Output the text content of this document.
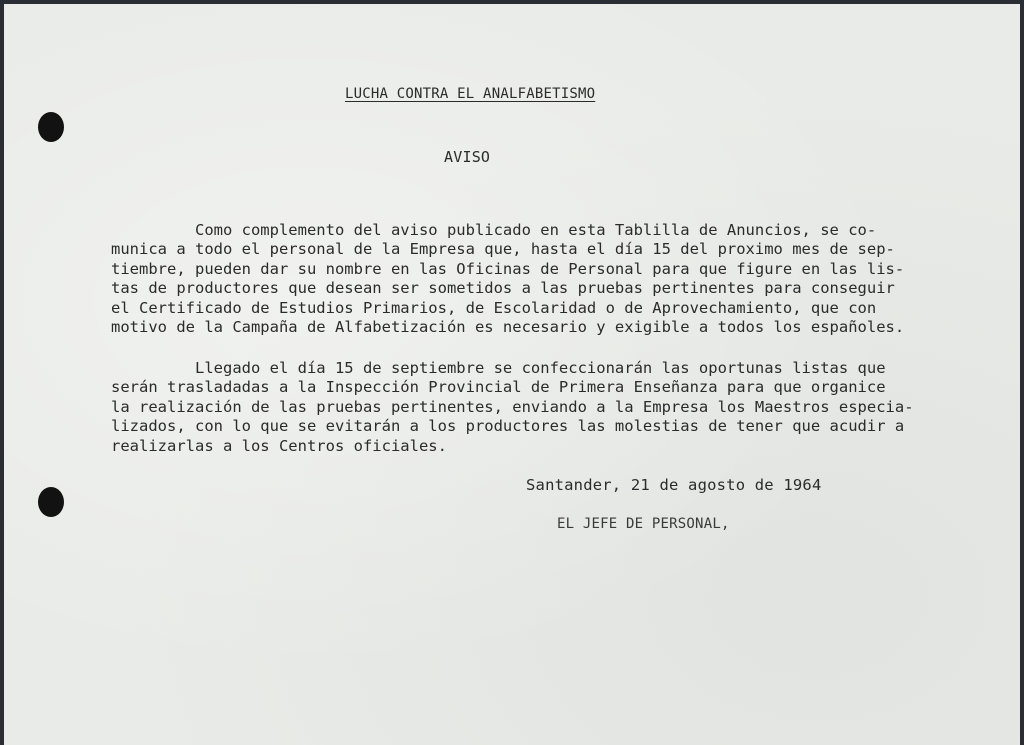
LUCHA CONTRA EL ANALFABETISMO
AVISO
Como complemento del aviso publicado en esta Tablilla de Anuncios, se co-
munica a todo el personal de la Empresa que, hasta el día 15 del proximo mes de sep-
tiembre, pueden dar su nombre en las Oficinas de Personal para que figure en las lis-
tas de productores que desean ser sometidos a las pruebas pertinentes para conseguir
el Certificado de Estudios Primarios, de Escolaridad o de Aprovechamiento, que con
motivo de la Campaña de Alfabetización es necesario y exigible a todos los españoles.
Llegado el día 15 de septiembre se confeccionarán las oportunas listas que
serán trasladadas a la Inspección Provincial de Primera Enseñanza para que organice
la realización de las pruebas pertinentes, enviando a la Empresa los Maestros especia-
lizados, con lo que se evitarán a los productores las molestias de tener que acudir a
realizarlas a los Centros oficiales.
Santander, 21 de agosto de 1964
EL JEFE DE PERSONAL,
